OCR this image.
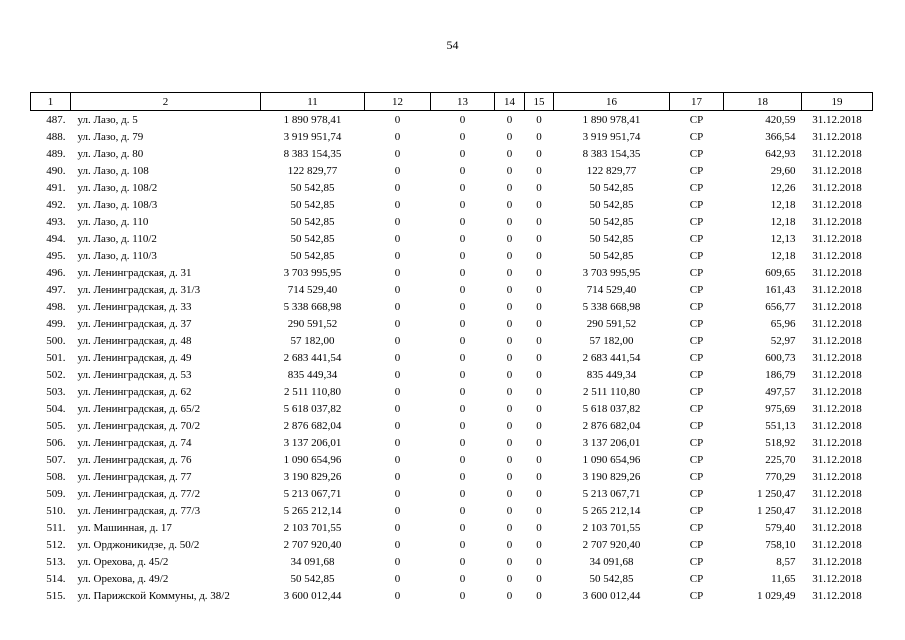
54
1	2	11	12	13	14	15	16	17	18	19
487.	ул. Лазо, д. 5	1 890 978,41	0	0	0	0	1 890 978,41	СР	420,59	31.12.2018
488.	ул. Лазо, д. 79	3 919 951,74	0	0	0	0	3 919 951,74	СР	366,54	31.12.2018
489.	ул. Лазо, д. 80	8 383 154,35	0	0	0	0	8 383 154,35	СР	642,93	31.12.2018
490.	ул. Лазо, д. 108	122 829,77	0	0	0	0	122 829,77	СР	29,60	31.12.2018
491.	ул. Лазо, д. 108/2	50 542,85	0	0	0	0	50 542,85	СР	12,26	31.12.2018
492.	ул. Лазо, д. 108/3	50 542,85	0	0	0	0	50 542,85	СР	12,18	31.12.2018
493.	ул. Лазо, д. 110	50 542,85	0	0	0	0	50 542,85	СР	12,18	31.12.2018
494.	ул. Лазо, д. 110/2	50 542,85	0	0	0	0	50 542,85	СР	12,13	31.12.2018
495.	ул. Лазо, д. 110/3	50 542,85	0	0	0	0	50 542,85	СР	12,18	31.12.2018
496.	ул. Ленинградская, д. 31	3 703 995,95	0	0	0	0	3 703 995,95	СР	609,65	31.12.2018
497.	ул. Ленинградская, д. 31/3	714 529,40	0	0	0	0	714 529,40	СР	161,43	31.12.2018
498.	ул. Ленинградская, д. 33	5 338 668,98	0	0	0	0	5 338 668,98	СР	656,77	31.12.2018
499.	ул. Ленинградская, д. 37	290 591,52	0	0	0	0	290 591,52	СР	65,96	31.12.2018
500.	ул. Ленинградская, д. 48	57 182,00	0	0	0	0	57 182,00	СР	52,97	31.12.2018
501.	ул. Ленинградская, д. 49	2 683 441,54	0	0	0	0	2 683 441,54	СР	600,73	31.12.2018
502.	ул. Ленинградская, д. 53	835 449,34	0	0	0	0	835 449,34	СР	186,79	31.12.2018
503.	ул. Ленинградская, д. 62	2 511 110,80	0	0	0	0	2 511 110,80	СР	497,57	31.12.2018
504.	ул. Ленинградская, д. 65/2	5 618 037,82	0	0	0	0	5 618 037,82	СР	975,69	31.12.2018
505.	ул. Ленинградская, д. 70/2	2 876 682,04	0	0	0	0	2 876 682,04	СР	551,13	31.12.2018
506.	ул. Ленинградская, д. 74	3 137 206,01	0	0	0	0	3 137 206,01	СР	518,92	31.12.2018
507.	ул. Ленинградская, д. 76	1 090 654,96	0	0	0	0	1 090 654,96	СР	225,70	31.12.2018
508.	ул. Ленинградская, д. 77	3 190 829,26	0	0	0	0	3 190 829,26	СР	770,29	31.12.2018
509.	ул. Ленинградская, д. 77/2	5 213 067,71	0	0	0	0	5 213 067,71	СР	1 250,47	31.12.2018
510.	ул. Ленинградская, д. 77/3	5 265 212,14	0	0	0	0	5 265 212,14	СР	1 250,47	31.12.2018
511.	ул. Машинная, д. 17	2 103 701,55	0	0	0	0	2 103 701,55	СР	579,40	31.12.2018
512.	ул. Орджоникидзе, д. 50/2	2 707 920,40	0	0	0	0	2 707 920,40	СР	758,10	31.12.2018
513.	ул. Орехова, д. 45/2	34 091,68	0	0	0	0	34 091,68	СР	8,57	31.12.2018
514.	ул. Орехова, д. 49/2	50 542,85	0	0	0	0	50 542,85	СР	11,65	31.12.2018
515.	ул. Парижской Коммуны, д. 38/2	3 600 012,44	0	0	0	0	3 600 012,44	СР	1 029,49	31.12.2018
